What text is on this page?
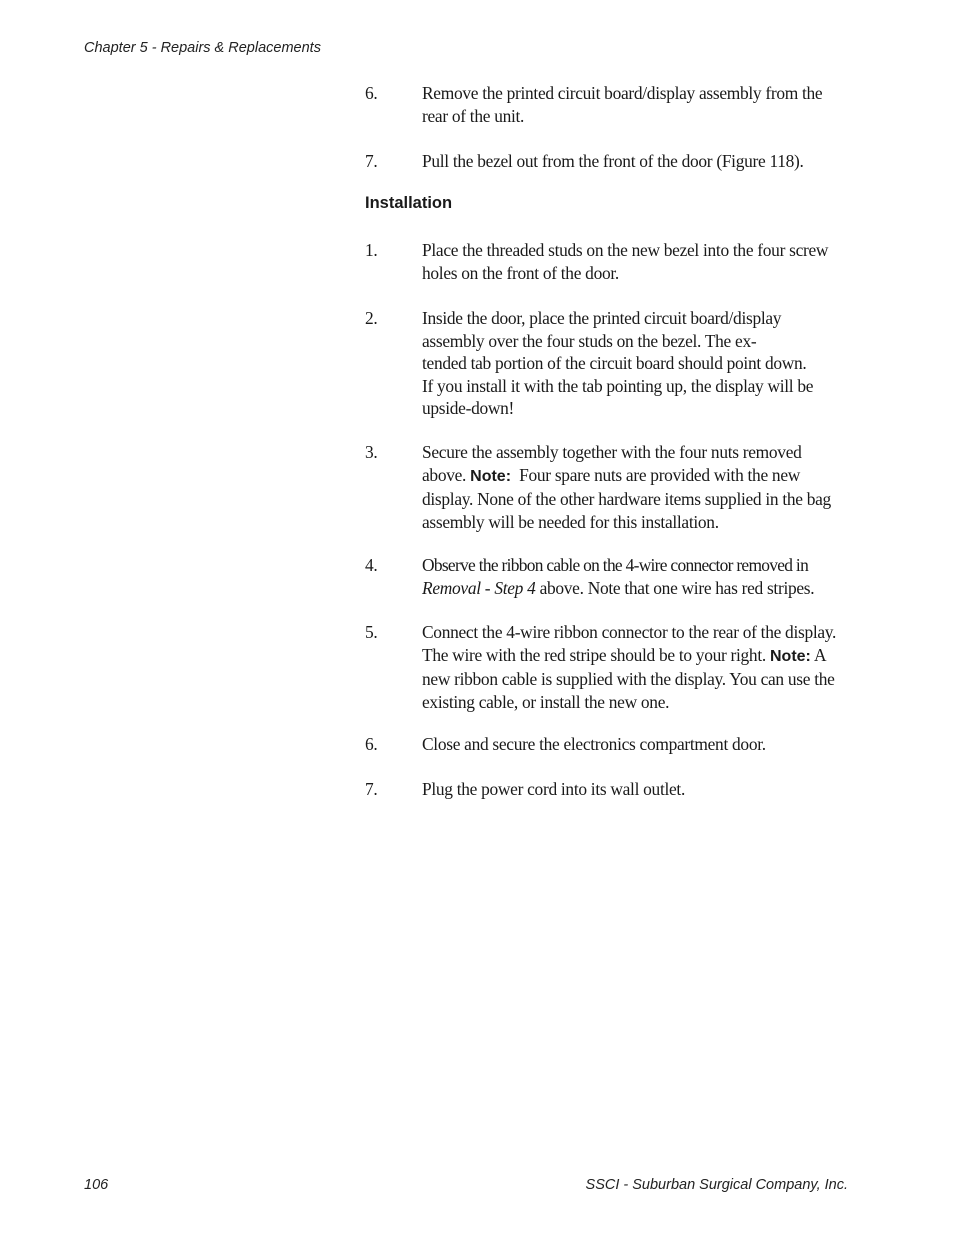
Chapter 5 - Repairs & Replacements
6.	Remove the printed circuit board/display assembly from the rear of the unit.
7.	Pull the bezel out from the front of the door (Figure 118).
Installation
1.	Place the threaded studs on the new bezel into the four screw holes on the front of the door.
2.	Inside the door, place the printed circuit board/display
assembly over the four studs on the bezel. The ex-
tended tab portion of the circuit board should point down.
If you install it with the tab pointing up, the display will be
upside-down!
3.	Secure the assembly together with the four nuts removed above. Note: Four spare nuts are provided with the new display. None of the other hardware items supplied in the bag assembly will be needed for this installation.
4.	Observe the ribbon cable on the 4-wire connector removed in Removal - Step 4 above. Note that one wire has red stripes.
5.	Connect the 4-wire ribbon connector to the rear of the display. The wire with the red stripe should be to your right. Note: A new ribbon cable is supplied with the display. You can use the existing cable, or install the new one.
6.	Close and secure the electronics compartment door.
7.	Plug the power cord into its wall outlet.
106	SSCI - Suburban Surgical Company, Inc.
